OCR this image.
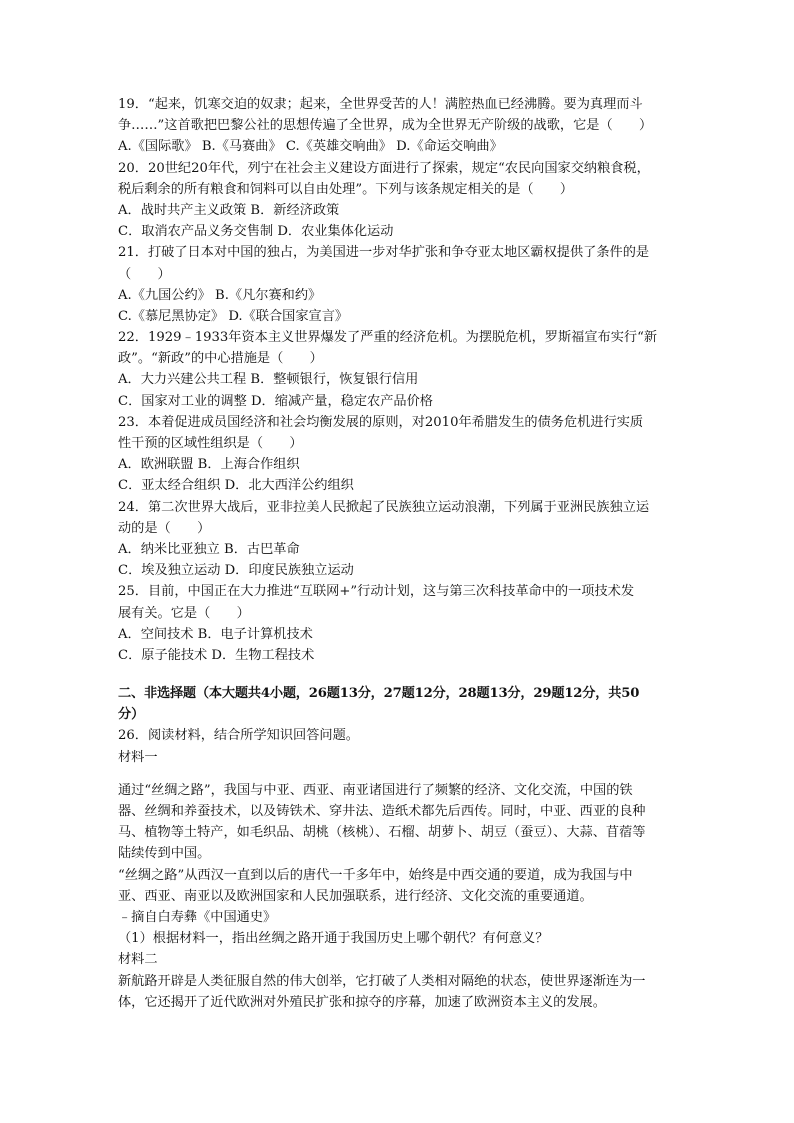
19．“起来，饥寒交迫的奴隶；起来，全世界受苦的人！满腔热血已经沸腾。要为真理而斗
争……”这首歌把巴黎公社的思想传遍了全世界，成为全世界无产阶级的战歌，它是（　　）
A.《国际歌》 B.《马赛曲》 C.《英雄交响曲》 D.《命运交响曲》
20．20世纪20年代，列宁在社会主义建设方面进行了探索，规定“农民向国家交纳粮食税，
税后剩余的所有粮食和饲料可以自由处理”。下列与该条规定相关的是（　　）
A．战时共产主义政策 B．新经济政策
C．取消农产品义务交售制 D．农业集体化运动
21．打破了日本对中国的独占，为美国进一步对华扩张和争夺亚太地区霸权提供了条件的是
（　　）
A.《九国公约》 B.《凡尔赛和约》
C.《慕尼黑协定》 D.《联合国家宣言》
22．1929﹣1933年资本主义世界爆发了严重的经济危机。为摆脱危机，罗斯福宣布实行“新
政”。“新政”的中心措施是（　　）
A．大力兴建公共工程 B．整顿银行，恢复银行信用
C．国家对工业的调整 D．缩减产量，稳定农产品价格
23．本着促进成员国经济和社会均衡发展的原则，对2010年希腊发生的债务危机进行实质
性干预的区域性组织是（　　）
A．欧洲联盟 B．上海合作组织
C．亚太经合组织 D．北大西洋公约组织
24．第二次世界大战后，亚非拉美人民掀起了民族独立运动浪潮，下列属于亚洲民族独立运
动的是（　　）
A．纳米比亚独立 B．古巴革命
C．埃及独立运动 D．印度民族独立运动
25．目前，中国正在大力推进“互联网+”行动计划，这与第三次科技革命中的一项技术发
展有关。它是（　　）
A．空间技术 B．电子计算机技术
C．原子能技术 D．生物工程技术
二、非选择题（本大题共4小题，26题13分，27题12分，28题13分，29题12分，共50
分）
26．阅读材料，结合所学知识回答问题。
材料一
通过“丝绸之路”，我国与中亚、西亚、南亚诸国进行了频繁的经济、文化交流，中国的铁
器、丝绸和养蚕技术，以及铸铁术、穿井法、造纸术都先后西传。同时，中亚、西亚的良种
马、植物等土特产，如毛织品、胡桃（核桃）、石榴、胡萝卜、胡豆（蚕豆）、大蒜、苜蓿等
陆续传到中国。
“丝绸之路”从西汉一直到以后的唐代一千多年中，始终是中西交通的要道，成为我国与中
亚、西亚、南亚以及欧洲国家和人民加强联系，进行经济、文化交流的重要通道。
﹣摘自白寿彝《中国通史》
（1）根据材料一，指出丝绸之路开通于我国历史上哪个朝代？有何意义？
材料二
新航路开辟是人类征服自然的伟大创举，它打破了人类相对隔绝的状态，使世界逐渐连为一
体，它还揭开了近代欧洲对外殖民扩张和掠夺的序幕，加速了欧洲资本主义的发展。
